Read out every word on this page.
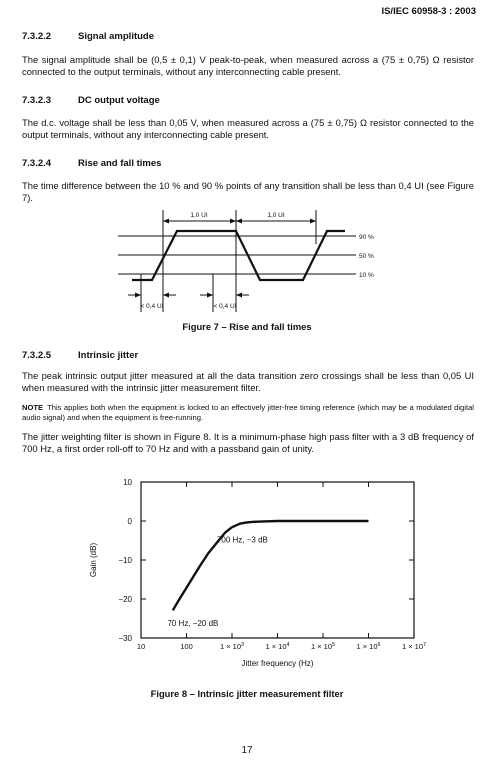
IS/IEC 60958-3 : 2003
7.3.2.2	Signal amplitude
The signal amplitude shall be (0,5 ± 0,1) V peak-to-peak, when measured across a (75 ± 0,75) Ω resistor connected to the output terminals, without any interconnecting cable present.
7.3.2.3	DC output voltage
The d.c. voltage shall be less than 0,05 V, when measured across a (75 ± 0,75) Ω resistor connected to the output terminals, without any interconnecting cable present.
7.3.2.4	Rise and fall times
The time difference between the 10 % and 90 % points of any transition shall be less than 0,4 UI (see Figure 7).
1,0 UI	1,0 UI
90 %
50 %
10 %
< 0,4 UI	< 0,4 UI
Figure 7 – Rise and fall times
7.3.2.5	Intrinsic jitter
The peak intrinsic output jitter measured at all the data transition zero crossings shall be less than 0,05 UI when measured with the intrinsic jitter measurement filter.
NOTE This applies both when the equipment is locked to an effectively jitter-free timing reference (which may be a modulated digital audio signal) and when the equipment is free-running.
The jitter weighting filter is shown in Figure 8. It is a minimum-phase high pass filter with a 3 dB frequency of 700 Hz, a first order roll-off to 70 Hz and with a passband gain of unity.
10
0
−10
−20
−30
10	100	$1 \times 10^3$	$1 \times 10^4$	$1 \times 10^5$	$1 \times 10^6$	$1 \times 10^7$
700 Hz, −3 dB
70 Hz, −20 dB
Gain (dB)
Jitter frequency (Hz)
Figure 8 – Intrinsic jitter measurement filter
17
